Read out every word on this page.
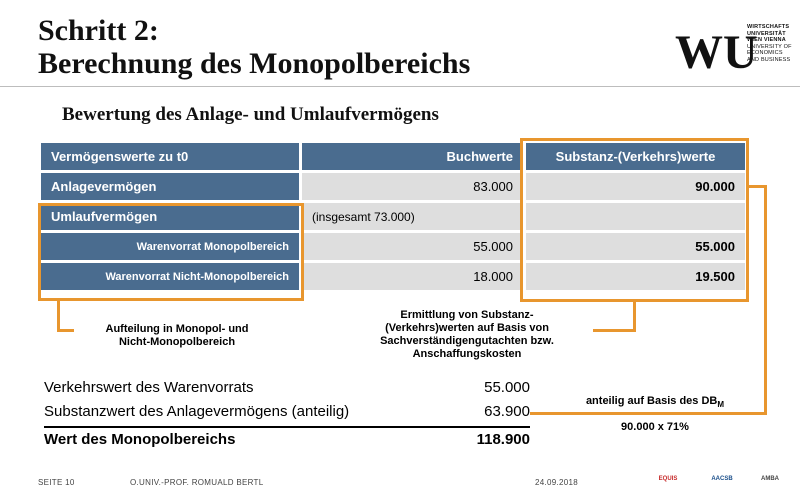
Schritt 2:
Berechnung des Monopolbereichs	WU
WIRTSCHAFTS
UNIVERSITÄT
WIEN VIENNA
UNIVERSITY OF
ECONOMICS
AND BUSINESS
Bewertung des Anlage- und Umlaufvermögens
Vermögenswerte zu t0	Buchwerte	Substanz-(Verkehrs)werte
Anlagevermögen	83.000	90.000
Umlaufvermögen	(insgesamt 73.000)	
Warenvorrat Monopolbereich	55.000	55.000
Warenvorrat Nicht-Monopolbereich	18.000	19.500
Aufteilung in Monopol- und
Nicht-Monopolbereich
Ermittlung von Substanz-
(Verkehrs)werten auf Basis von
Sachverständigengutachten bzw.
Anschaffungskosten
anteilig auf Basis des $DB_M$
90.000 x 71%
Verkehrswert des Warenvorrats	55.000
Substanzwert des Anlagevermögens (anteilig)	63.900
Wert des Monopolbereichs	118.900
SEITE 10	O.UNIV.-PROF. ROMUALD BERTL	24.09.2018	EQUIS	AACSB	AMBA
